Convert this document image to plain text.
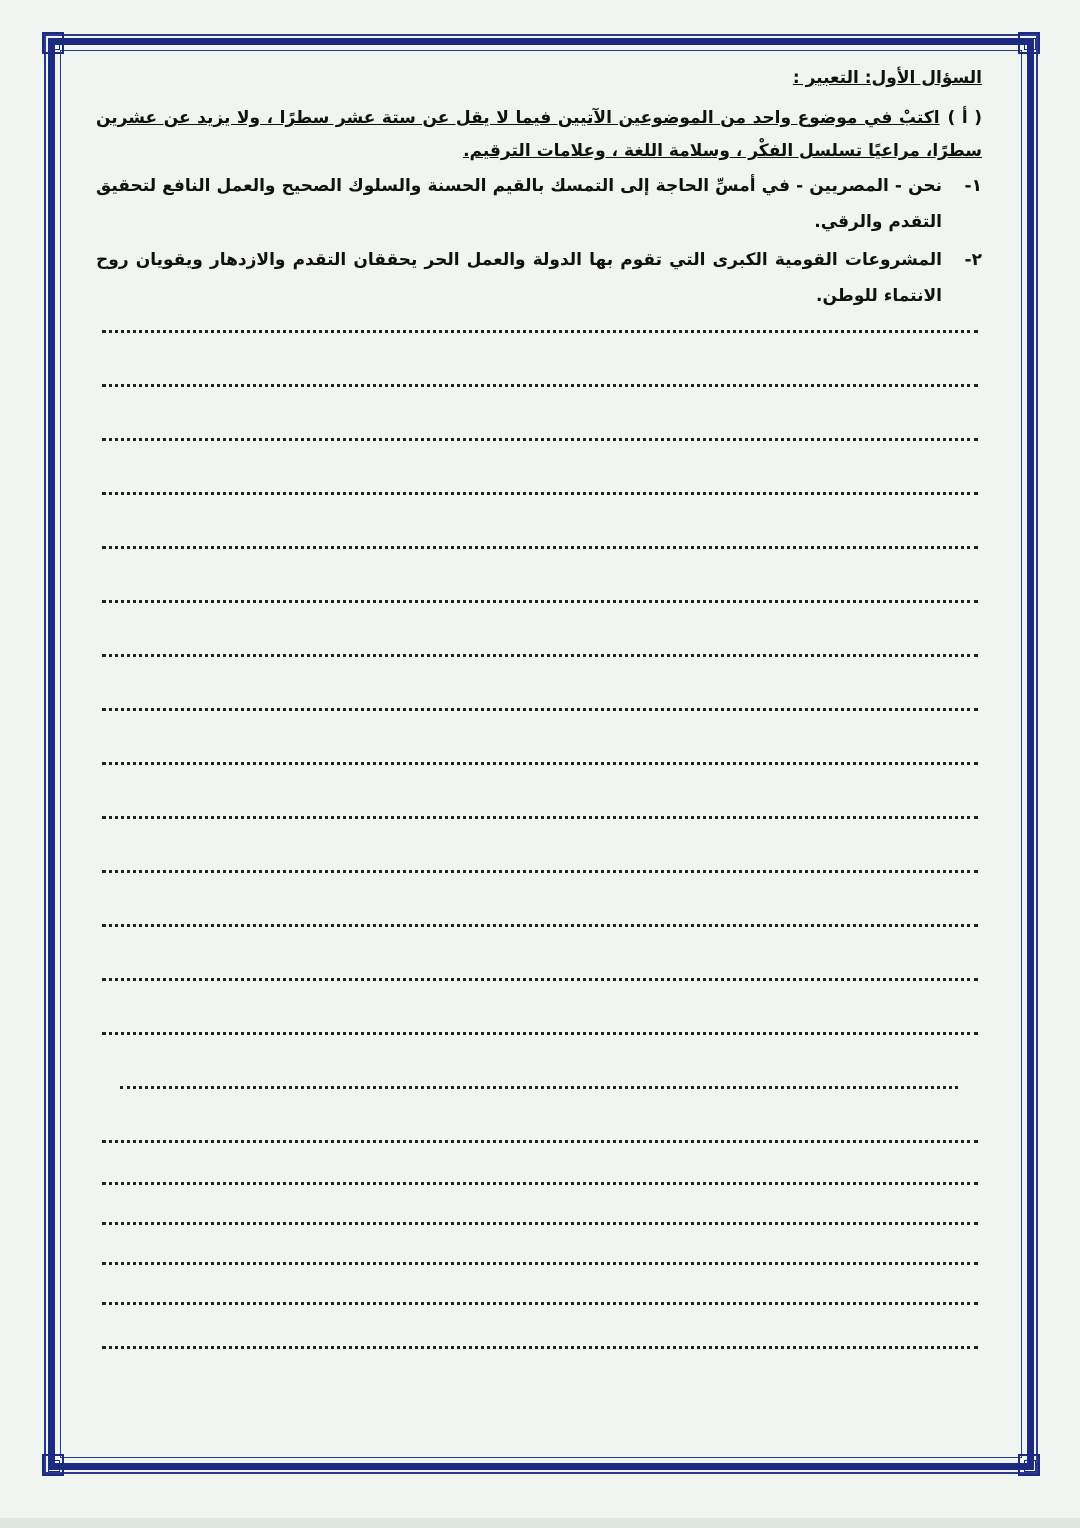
السؤال الأول: التعبير :
( أ )اكتبْ في موضوع واحد من الموضوعين الآتيين فيما لا يقل عن ستة عشر سطرًا ، ولا يزيد عن عشرين سطرًا، مراعيًا تسلسل الفكْر ، وسلامة اللغة ، وعلامات الترقيم.
١-
نحن - المصريين - في أمسِّ الحاجة إلى التمسك بالقيم الحسنة والسلوك الصحيح والعمل النافع لتحقيق التقدم والرقي.
٢-
المشروعات القومية الكبرى التي تقوم بها الدولة والعمل الحر يحققان التقدم والازدهار ويقويان روح الانتماء للوطن.
